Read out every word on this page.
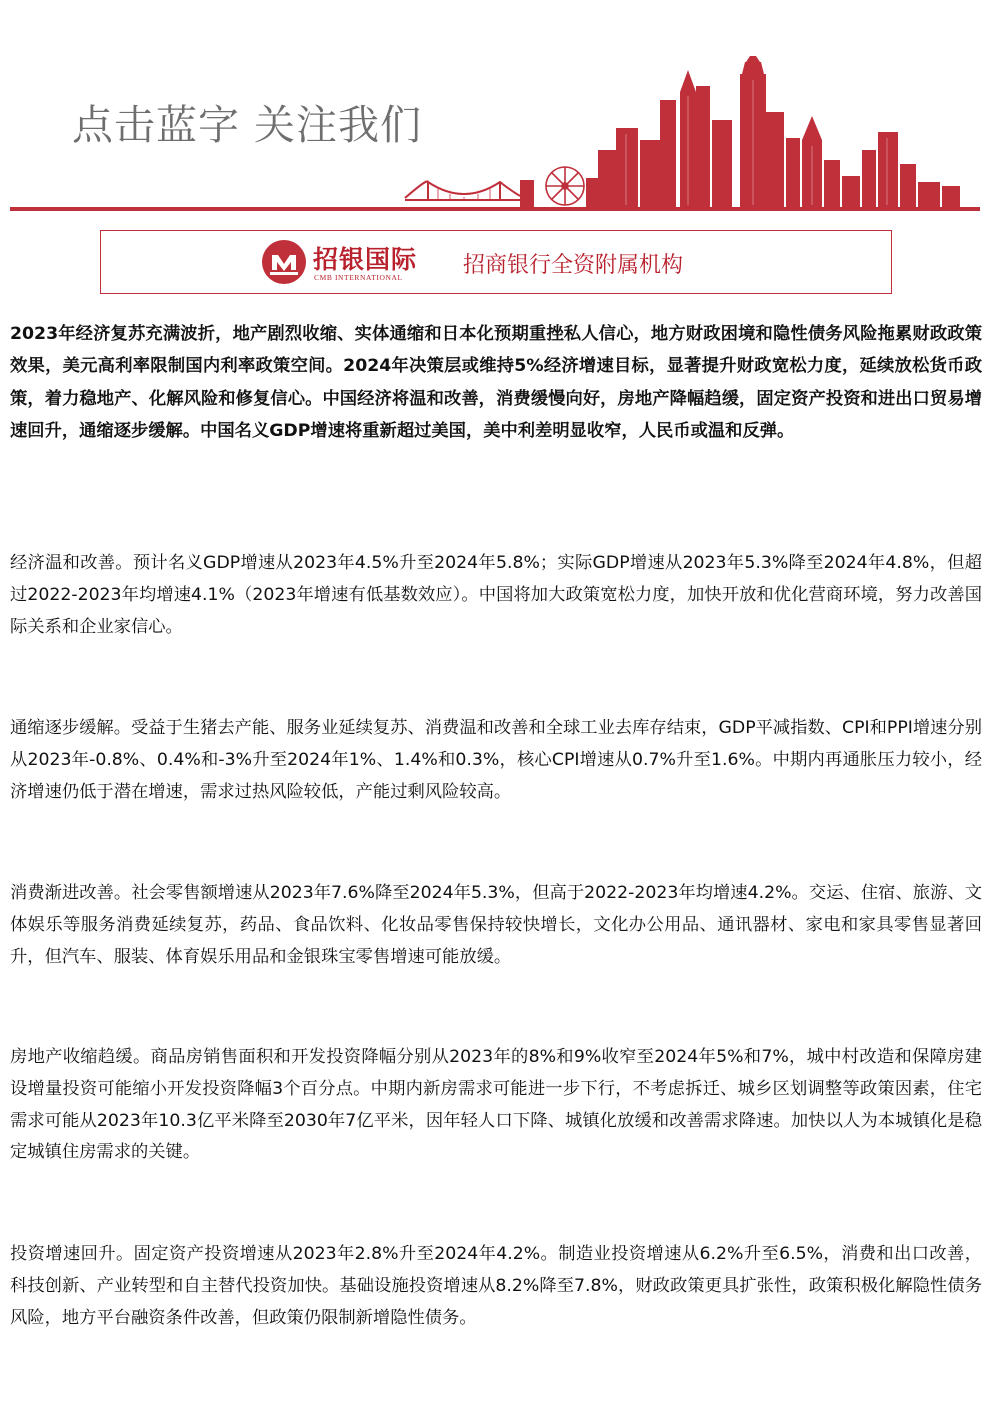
点击蓝字 关注我们
招银国际
CMB INTERNATIONAL	招商银行全资附属机构

2023年经济复苏充满波折，地产剧烈收缩、实体通缩和日本化预期重挫私人信心，地方财政困境和隐性债务风险拖累财政政策效果，美元高利率限制国内利率政策空间。2024年决策层或维持5%经济增速目标，显著提升财政宽松力度，延续放松货币政策，着力稳地产、化解风险和修复信心。中国经济将温和改善，消费缓慢向好，房地产降幅趋缓，固定资产投资和进出口贸易增速回升，通缩逐步缓解。中国名义GDP增速将重新超过美国，美中利差明显收窄，人民币或温和反弹。

经济温和改善。预计名义GDP增速从2023年4.5%升至2024年5.8%；实际GDP增速从2023年5.3%降至2024年4.8%，但超过2022-2023年均增速4.1%（2023年增速有低基数效应）。中国将加大政策宽松力度，加快开放和优化营商环境，努力改善国际关系和企业家信心。

通缩逐步缓解。受益于生猪去产能、服务业延续复苏、消费温和改善和全球工业去库存结束，GDP平减指数、CPI和PPI增速分别从2023年-0.8%、0.4%和-3%升至2024年1%、1.4%和0.3%，核心CPI增速从0.7%升至1.6%。中期内再通胀压力较小，经济增速仍低于潜在增速，需求过热风险较低，产能过剩风险较高。

消费渐进改善。社会零售额增速从2023年7.6%降至2024年5.3%，但高于2022-2023年均增速4.2%。交运、住宿、旅游、文体娱乐等服务消费延续复苏，药品、食品饮料、化妆品零售保持较快增长，文化办公用品、通讯器材、家电和家具零售显著回升，但汽车、服装、体育娱乐用品和金银珠宝零售增速可能放缓。

房地产收缩趋缓。商品房销售面积和开发投资降幅分别从2023年的8%和9%收窄至2024年5%和7%，城中村改造和保障房建设增量投资可能缩小开发投资降幅3个百分点。中期内新房需求可能进一步下行，不考虑拆迁、城乡区划调整等政策因素，住宅需求可能从2023年10.3亿平米降至2030年7亿平米，因年轻人口下降、城镇化放缓和改善需求降速。加快以人为本城镇化是稳定城镇住房需求的关键。

投资增速回升。固定资产投资增速从2023年2.8%升至2024年4.2%。制造业投资增速从6.2%升至6.5%，消费和出口改善，科技创新、产业转型和自主替代投资加快。基础设施投资增速从8.2%降至7.8%，财政政策更具扩张性，政策积极化解隐性债务风险，地方平台融资条件改善，但政策仍限制新增隐性债务。
